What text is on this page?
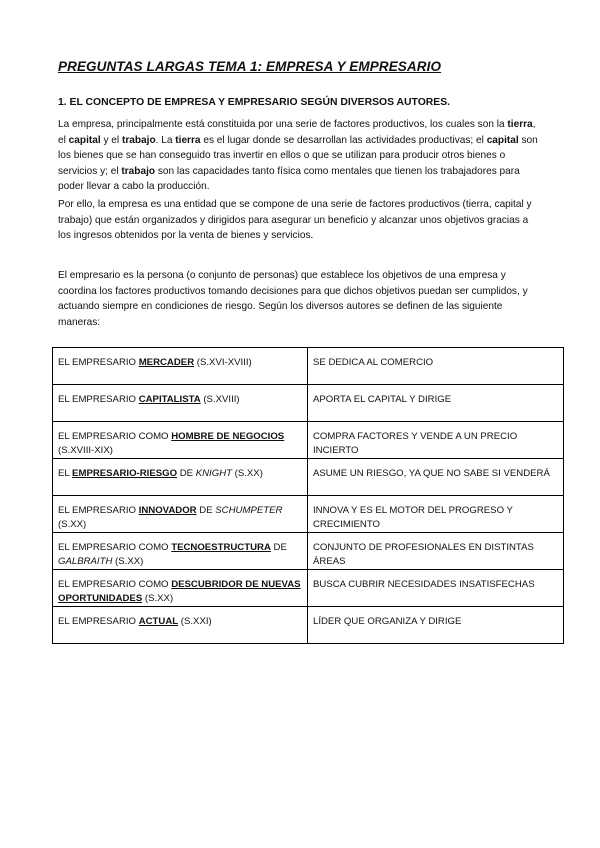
PREGUNTAS LARGAS TEMA 1: EMPRESA Y EMPRESARIO
1. EL CONCEPTO DE EMPRESA Y EMPRESARIO SEGÚN DIVERSOS AUTORES.
La empresa, principalmente está constituida por una serie de factores productivos, los cuales son la tierra, el capital y el trabajo. La tierra es el lugar donde se desarrollan las actividades productivas; el capital son los bienes que se han conseguido tras invertir en ellos o que se utilizan para producir otros bienes o servicios y; el trabajo son las capacidades tanto física como mentales que tienen los trabajadores para poder llevar a cabo la producción.
Por ello, la empresa es una entidad que se compone de una serie de factores productivos (tierra, capital y trabajo) que están organizados y dirigidos para asegurar un beneficio y alcanzar unos objetivos gracias a los ingresos obtenidos por la venta de bienes y servicios.
El empresario es la persona (o conjunto de personas) que establece los objetivos de una empresa y coordina los factores productivos tomando decisiones para que dichos objetivos puedan ser cumplidos, y actuando siempre en condiciones de riesgo. Según los diversos autores se definen de las siguiente maneras:
EL EMPRESARIO MERCADER (S.XVI-XVIII)	SE DEDICA AL COMERCIO
EL EMPRESARIO CAPITALISTA (S.XVIII)	APORTA EL CAPITAL Y DIRIGE
EL EMPRESARIO COMO HOMBRE DE NEGOCIOS (S.XVIII-XIX)	COMPRA FACTORES Y VENDE A UN PRECIO INCIERTO
EL EMPRESARIO-RIESGO DE KNIGHT (S.XX)	ASUME UN RIESGO, YA QUE NO SABE SI VENDERÁ
EL EMPRESARIO INNOVADOR DE SCHUMPETER (S.XX)	INNOVA Y ES EL MOTOR DEL PROGRESO Y CRECIMIENTO
EL EMPRESARIO COMO TECNOESTRUCTURA DE GALBRAITH (S.XX)	CONJUNTO DE PROFESIONALES EN DISTINTAS ÁREAS
EL EMPRESARIO COMO DESCUBRIDOR DE NUEVAS OPORTUNIDADES (S.XX)	BUSCA CUBRIR NECESIDADES INSATISFECHAS
EL EMPRESARIO ACTUAL (S.XXI)	LÍDER QUE ORGANIZA Y DIRIGE
